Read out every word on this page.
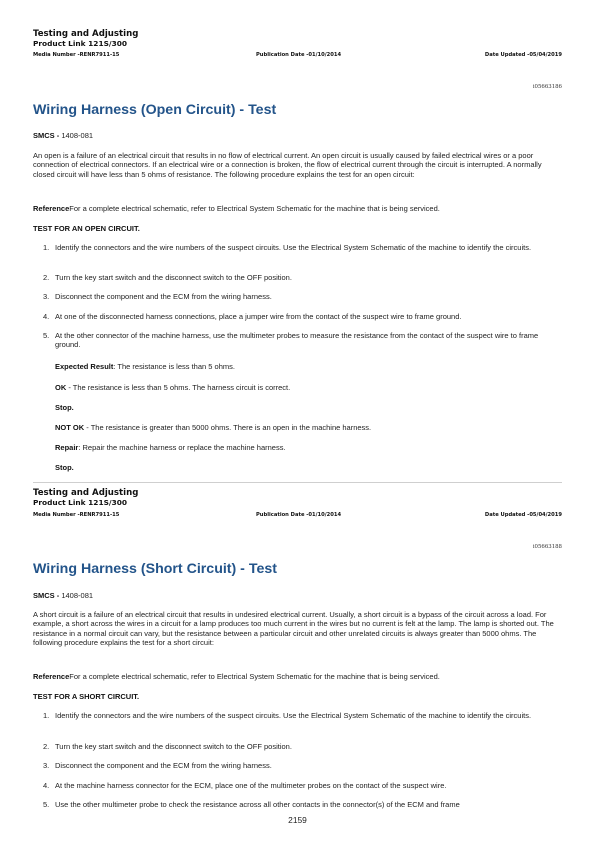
Testing and Adjusting
Product Link 121S/300
Media Number -RENR7911-15	Publication Date -01/10/2014	Date Updated -05/04/2019
i05663186
Wiring Harness (Open Circuit) - Test

SMCS - 1408-081

An open is a failure of an electrical circuit that results in no flow of electrical current. An open circuit is usually caused by failed electrical wires or a poor connection of electrical connectors. If an electrical wire or a connection is broken, the flow of electrical current through the circuit is interrupted. A normally closed circuit will have less than 5 ohms of resistance. The following procedure explains the test for an open circuit:

ReferenceFor a complete electrical schematic, refer to Electrical System Schematic for the machine that is being serviced.

TEST FOR AN OPEN CIRCUIT.

1. Identify the connectors and the wire numbers of the suspect circuits. Use the Electrical System Schematic of the machine to identify the circuits.
2. Turn the key start switch and the disconnect switch to the OFF position.
3. Disconnect the component and the ECM from the wiring harness.
4. At one of the disconnected harness connections, place a jumper wire from the contact of the suspect wire to frame ground.
5. At the other connector of the machine harness, use the multimeter probes to measure the resistance from the contact of the suspect wire to frame ground.
Expected Result: The resistance is less than 5 ohms.
OK - The resistance is less than 5 ohms. The harness circuit is correct.
Stop.
NOT OK - The resistance is greater than 5000 ohms. There is an open in the machine harness.
Repair: Repair the machine harness or replace the machine harness.
Stop.
Testing and Adjusting
Product Link 121S/300
Media Number -RENR7911-15	Publication Date -01/10/2014	Date Updated -05/04/2019
i05663188
Wiring Harness (Short Circuit) - Test

SMCS - 1408-081

A short circuit is a failure of an electrical circuit that results in undesired electrical current. Usually, a short circuit is a bypass of the circuit across a load. For example, a short across the wires in a circuit for a lamp produces too much current in the wires but no current is felt at the lamp. The lamp is shorted out. The resistance in a normal circuit can vary, but the resistance between a particular circuit and other unrelated circuits is always greater than 5000 ohms. The following procedure explains the test for a short circuit:

ReferenceFor a complete electrical schematic, refer to Electrical System Schematic for the machine that is being serviced.

TEST FOR A SHORT CIRCUIT.

1. Identify the connectors and the wire numbers of the suspect circuits. Use the Electrical System Schematic of the machine to identify the circuits.
2. Turn the key start switch and the disconnect switch to the OFF position.
3. Disconnect the component and the ECM from the wiring harness.
4. At the machine harness connector for the ECM, place one of the multimeter probes on the contact of the suspect wire.
5. Use the other multimeter probe to check the resistance across all other contacts in the connector(s) of the ECM and frame
2159
